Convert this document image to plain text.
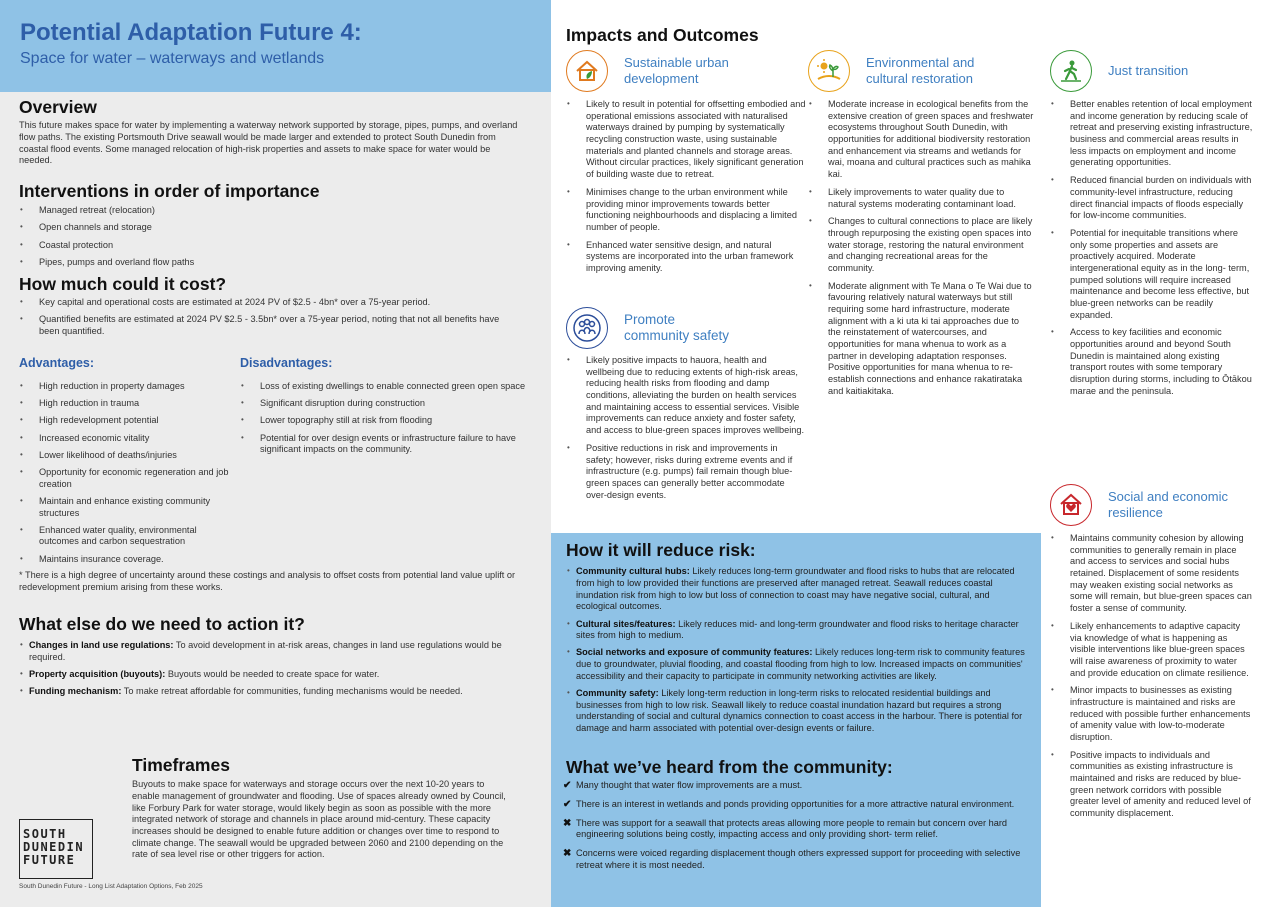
Potential Adaptation Future 4:
Space for water – waterways and wetlands
Overview

This future makes space for water by implementing a waterway network supported by storage, pipes, pumps, and overland flow paths. The existing Portsmouth Drive seawall would be made larger and extended to protect South Dunedin from coastal flood events. Some managed relocation of high-risk properties and assets to make space for water would be needed.

Interventions in order of importance
• Managed retreat (relocation)
• Open channels and storage
• Coastal protection
• Pipes, pumps and overland flow paths
How much could it cost?
• Key capital and operational costs are estimated at 2024 PV of $2.5 - 4bn* over a 75-year period.
• Quantified benefits are estimated at 2024 PV $2.5 - 3.5bn* over a 75-year period, noting that not all benefits have been quantified.
Advantages:
• High reduction in property damages
• High reduction in trauma
• High redevelopment potential
• Increased economic vitality
• Lower likelihood of deaths/injuries
• Opportunity for economic regeneration and job creation
• Maintain and enhance existing community structures
• Enhanced water quality, environmental outcomes and carbon sequestration
• Maintains insurance coverage.
Disadvantages:
• Loss of existing dwellings to enable connected green open space
• Significant disruption during construction
• Lower topography still at risk from flooding
• Potential for over design events or infrastructure failure to have significant impacts on the community.

* There is a high degree of uncertainty around these costings and analysis to offset costs from potential land value uplift or redevelopment premium arising from these works.

What else do we need to action it?
• Changes in land use regulations: To avoid development in at-risk areas, changes in land use regulations would be required.
• Property acquisition (buyouts): Buyouts would be needed to create space for water.
• Funding mechanism: To make retreat affordable for communities, funding mechanisms would be needed.
Timeframes

Buyouts to make space for waterways and storage occurs over the next 10-20 years to enable management of groundwater and flooding. Use of spaces already owned by Council, like Forbury Park for water storage, would likely begin as soon as possible with the more integrated network of storage and channels in place around mid-century. These capacity increases should be designed to enable future addition or changes over time to respond to climate change. The seawall would be upgraded between 2060 and 2100 depending on the rate of sea level rise or other triggers for action.

SOUTH
DUNEDIN
FUTURE
South Dunedin Future - Long List Adaptation Options, Feb 2025
Impacts and Outcomes
Sustainable urban
development
• Likely to result in potential for offsetting embodied and operational emissions associated with naturalised waterways drained by pumping by systematically recycling construction waste, using sustainable materials and planted channels and storage areas. Without circular practices, likely significant generation of building waste due to retreat.
• Minimises change to the urban environment while providing minor improvements towards better functioning neighbourhoods and displacing a limited number of people.
• Enhanced water sensitive design, and natural systems are incorporated into the urban framework improving amenity.
Promote
community safety
• Likely positive impacts to hauora, health and wellbeing due to reducing extents of high-risk areas, reducing health risks from flooding and damp conditions, alleviating the burden on health services and maintaining access to essential services. Visible improvements can reduce anxiety and foster safety, and access to blue-green spaces improves wellbeing.
• Positive reductions in risk and improvements in safety; however, risks during extreme events and if infrastructure (e.g. pumps) fail remain though blue-green spaces can generally better accommodate over-design events.
Environmental and
cultural restoration
• Moderate increase in ecological benefits from the extensive creation of green spaces and freshwater ecosystems throughout South Dunedin, with opportunities for additional biodiversity restoration and enhancement via streams and wetlands for wai, moana and cultural practices such as mahika kai.
• Likely improvements to water quality due to natural systems moderating contaminant load.
• Changes to cultural connections to place are likely through repurposing the existing open spaces into water storage, restoring the natural environment and changing recreational areas for the community.
• Moderate alignment with Te Mana o Te Wai due to favouring relatively natural waterways but still requiring some hard infrastructure, moderate alignment with a ki uta ki tai approaches due to the reinstatement of watercourses, and opportunities for mana whenua to work as a partner in developing adaptation responses. Positive opportunities for mana whenua to re-establish connections and enhance rakatirataka and kaitiakitaka.
Just transition
• Better enables retention of local employment and income generation by reducing scale of retreat and preserving existing infrastructure, business and commercial areas results in less impacts on employment and income generating opportunities.
• Reduced financial burden on individuals with community-level infrastructure, reducing direct financial impacts of floods especially for low-income communities.
• Potential for inequitable transitions where only some properties and assets are proactively acquired. Moderate intergenerational equity as in the long- term, pumped solutions will require increased maintenance and become less effective, but blue-green networks can be readily expanded.
• Access to key facilities and economic opportunities around and beyond South Dunedin is maintained along existing transport routes with some temporary disruption during storms, including to Ōtākou marae and the peninsula.
Social and economic
resilience
• Maintains community cohesion by allowing communities to generally remain in place and access to services and social hubs retained. Displacement of some residents may weaken existing social networks as some will remain, but blue-green spaces can foster a sense of community.
• Likely enhancements to adaptive capacity via knowledge of what is happening as visible interventions like blue-green spaces will raise awareness of proximity to water and provide education on climate resilience.
• Minor impacts to businesses as existing infrastructure is maintained and risks are reduced with possible further enhancements of amenity value with low-to-moderate disruption.
• Positive impacts to individuals and communities as existing infrastructure is maintained and risks are reduced by blue-green network corridors with possible greater level of amenity and reduced level of community displacement.
How it will reduce risk:
• Community cultural hubs: Likely reduces long-term groundwater and flood risks to hubs that are relocated from high to low provided their functions are preserved after managed retreat. Seawall reduces coastal inundation risk from high to low but loss of connection to coast may have negative social, cultural, and ecological outcomes.
• Cultural sites/features: Likely reduces mid- and long-term groundwater and flood risks to heritage character sites from high to medium.
• Social networks and exposure of community features: Likely reduces long-term risk to community features due to groundwater, pluvial flooding, and coastal flooding from high to low. Increased impacts on communities' accessibility and their capacity to participate in community networking activities are likely.
• Community safety: Likely long-term reduction in long-term risks to relocated residential buildings and businesses from high to low risk. Seawall likely to reduce coastal inundation hazard but requires a strong understanding of social and cultural dynamics connection to coast access in the harbour. There is potential for damage and harm associated with potential over-design events or failure.
What we’ve heard from the community:
✔ Many thought that water flow improvements are a must.
✔ There is an interest in wetlands and ponds providing opportunities for a more attractive natural environment.
✖ There was support for a seawall that protects areas allowing more people to remain but concern over hard engineering solutions being costly, impacting access and only providing short- term relief.
✖ Concerns were voiced regarding displacement though others expressed support for proceeding with selective retreat where it is most needed.
